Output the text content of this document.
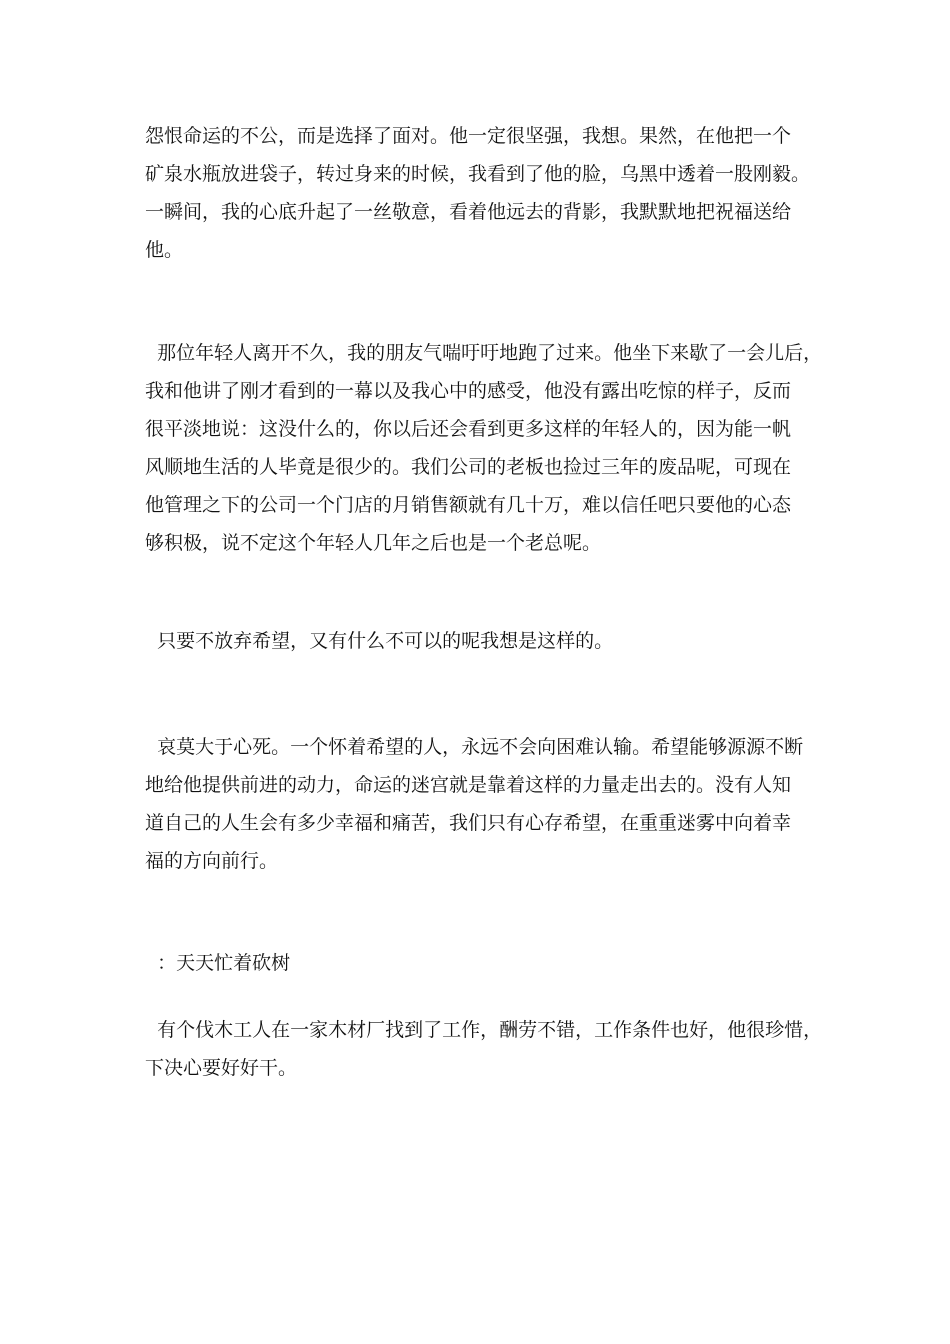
怨恨命运的不公，而是选择了面对。他一定很坚强，我想。果然，在他把一个
矿泉水瓶放进袋子，转过身来的时候，我看到了他的脸，乌黑中透着一股刚毅。
一瞬间，我的心底升起了一丝敬意，看着他远去的背影，我默默地把祝福送给
他。

那位年轻人离开不久，我的朋友气喘吁吁地跑了过来。他坐下来歇了一会儿后，
我和他讲了刚才看到的一幕以及我心中的感受，他没有露出吃惊的样子，反而
很平淡地说：这没什么的，你以后还会看到更多这样的年轻人的，因为能一帆
风顺地生活的人毕竟是很少的。我们公司的老板也捡过三年的废品呢，可现在
他管理之下的公司一个门店的月销售额就有几十万，难以信任吧只要他的心态
够积极，说不定这个年轻人几年之后也是一个老总呢。

只要不放弃希望，又有什么不可以的呢我想是这样的。

哀莫大于心死。一个怀着希望的人，永远不会向困难认输。希望能够源源不断
地给他提供前进的动力，命运的迷宫就是靠着这样的力量走出去的。没有人知
道自己的人生会有多少幸福和痛苦，我们只有心存希望，在重重迷雾中向着幸
福的方向前行。

：天天忙着砍树

有个伐木工人在一家木材厂找到了工作，酬劳不错，工作条件也好，他很珍惜，
下决心要好好干。
